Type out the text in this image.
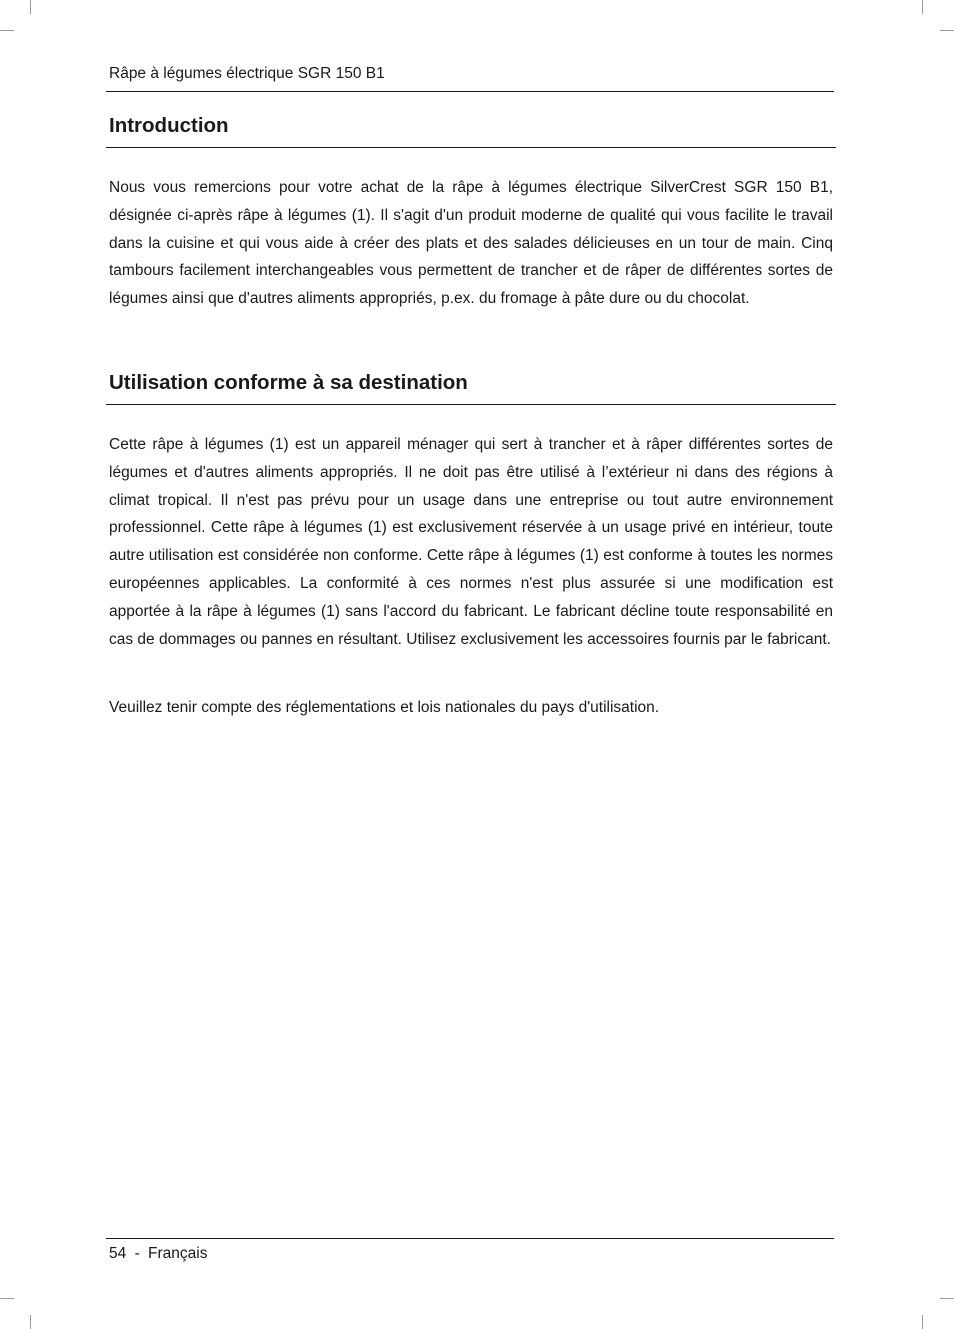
Râpe à légumes électrique SGR 150 B1
Introduction

Nous vous remercions pour votre achat de la râpe à légumes électrique SilverCrest SGR 150 B1, désignée ci-après râpe à légumes (1). Il s'agit d'un produit moderne de qualité qui vous facilite le travail dans la cuisine et qui vous aide à créer des plats et des salades délicieuses en un tour de main. Cinq tambours facilement interchangeables vous permettent de trancher et de râper de différentes sortes de légumes ainsi que d'autres aliments appropriés, p.ex. du fromage à pâte dure ou du chocolat.

Utilisation conforme à sa destination

Cette râpe à légumes (1) est un appareil ménager qui sert à trancher et à râper différentes sortes de légumes et d'autres aliments appropriés. Il ne doit pas être utilisé à l’extérieur ni dans des régions à climat tropical. Il n'est pas prévu pour un usage dans une entreprise ou tout autre environnement professionnel. Cette râpe à légumes (1) est exclusivement réservée à un usage privé en intérieur, toute autre utilisation est considérée non conforme. Cette râpe à légumes (1) est conforme à toutes les normes européennes applicables. La conformité à ces normes n'est plus assurée si une modification est apportée à la râpe à légumes (1) sans l'accord du fabricant. Le fabricant décline toute responsabilité en cas de dommages ou pannes en résultant. Utilisez exclusivement les accessoires fournis par le fabricant.

Veuillez tenir compte des réglementations et lois nationales du pays d'utilisation.

54 - Français
